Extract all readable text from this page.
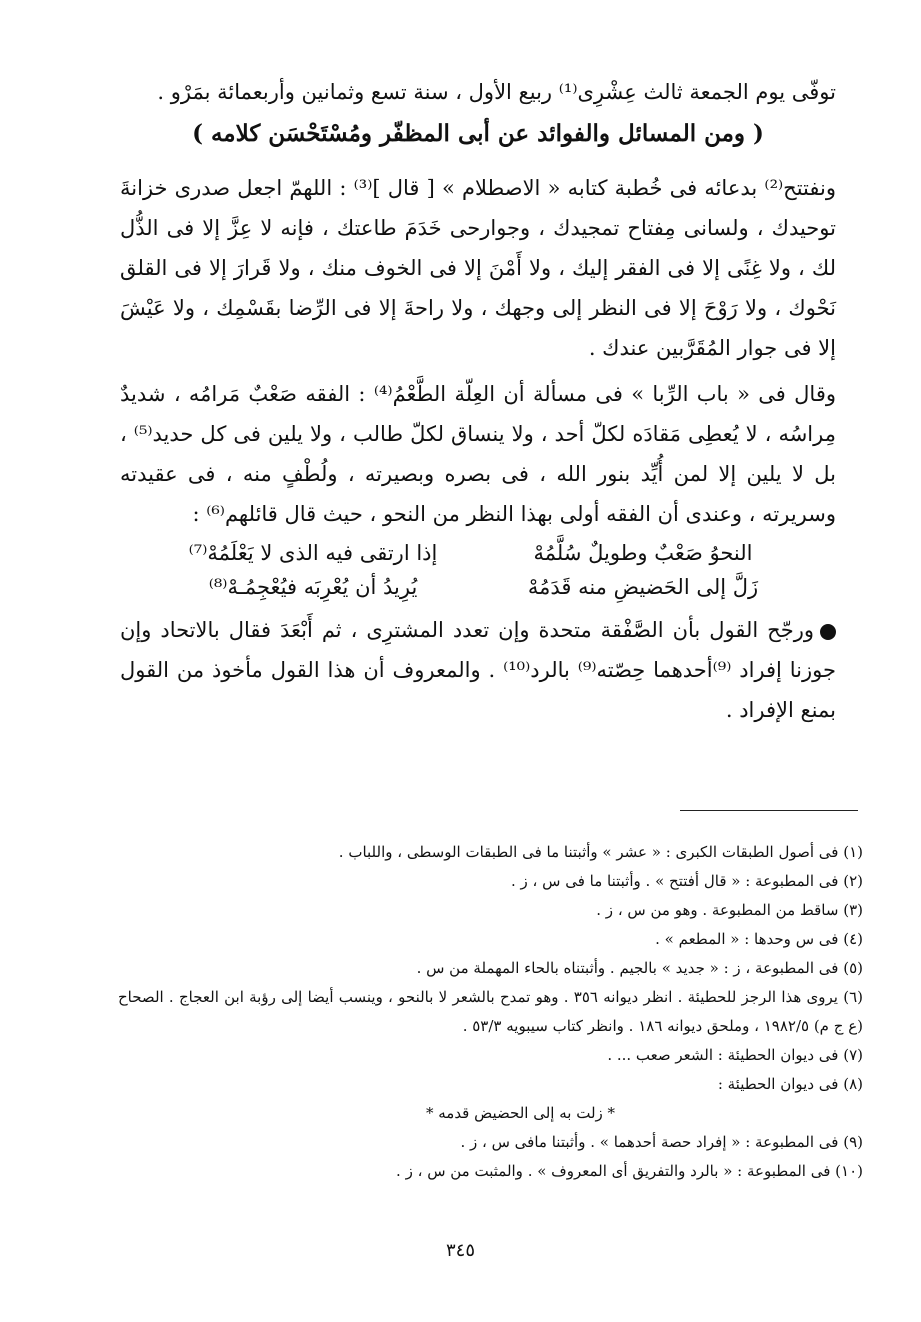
توفّى يوم الجمعة ثالث عِشْرِى⁽¹⁾ ربيع الأول ، سنة تسع وثمانين وأربعمائة بمَرْو .

( ومن المسائل والفوائد عن أبى المظفّر ومُسْتَحْسَن كلامه )

ونفتتح⁽²⁾ بدعائه فى خُطبة كتابه « الاصطلام » [ قال ]⁽³⁾ : اللهمّ اجعل صدرى خزانةَ توحيدك ، ولسانى مِفتاح تمجيدك ، وجوارحى خَدَمَ طاعتك ، فإنه لا عِزَّ إلا فى الذُّل لك ، ولا غِنًى إلا فى الفقر إليك ، ولا أَمْنَ إلا فى الخوف منك ، ولا قَرارَ إلا فى القلق نَحْوك ، ولا رَوْحَ إلا فى النظر إلى وجهك ، ولا راحةَ إلا فى الرِّضا بقَسْمِك ، ولا عَيْشَ إلا فى جوار المُقَرَّبين عندك .

وقال فى « باب الرِّبا » فى مسألة أن العِلّة الطَّعْمُ⁽⁴⁾ : الفقه صَعْبٌ مَرامُه ، شديدٌ مِراسُه ، لا يُعطِى مَقادَه لكلّ أحد ، ولا ينساق لكلّ طالب ، ولا يلين فى كل حديد⁽⁵⁾ ، بل لا يلين إلا لمن أُيِّد بنور الله ، فى بصره وبصيرته ، ولُطْفٍ منه ، فى عقيدته وسريرته ، وعندى أن الفقه أولى بهذا النظر من النحو ، حيث قال قائلهم⁽⁶⁾ :

النحوُ صَعْبٌ وطويلٌ سُلَّمُهْ
إذا ارتقى فيه الذى لا يَعْلَمُهْ⁽⁷⁾
زَلَّ إلى الحَضيضِ منه قَدَمُهْ
يُرِيدُ أن يُعْرِبَه فيُعْجِمُـهْ⁽⁸⁾

ورجّح القول بأن الصَّفْقة متحدة وإن تعدد المشترِى ، ثم أَبْعَدَ فقال بالاتحاد وإن جوزنا إفراد ⁽⁹⁾أحدهما حِصّته⁽⁹⁾ بالرد⁽¹⁰⁾ . والمعروف أن هذا القول مأخوذ من القول بمنع الإفراد .

(١) فى أصول الطبقات الكبرى : « عشر » وأثبتنا ما فى الطبقات الوسطى ، واللباب .

(٢) فى المطبوعة : « قال أفتتح » . وأثبتنا ما فى س ، ز .

(٣) ساقط من المطبوعة . وهو من س ، ز .

(٤) فى س وحدها : « المطعم » .

(٥) فى المطبوعة ، ز : « جديد » بالجيم . وأثبتناه بالحاء المهملة من س .

(٦) يروى هذا الرجز للحطيئة . انظر ديوانه ٣٥٦ . وهو تمدح بالشعر لا بالنحو ، وينسب أيضا إلى رؤبة ابن العجاج . الصحاح (ع ج م) ١٩٨٢/٥ ، وملحق ديوانه ١٨٦ . وانظر كتاب سيبويه ٥٣/٣ .

(٧) فى ديوان الحطيئة : الشعر صعب ... .

(٨) فى ديوان الحطيئة :

* زلت به إلى الحضيض قدمه *

(٩) فى المطبوعة : « إفراد حصة أحدهما » . وأثبتنا مافى س ، ز .

(١٠) فى المطبوعة : « بالرد والتفريق أى المعروف » . والمثبت من س ، ز .

٣٤٥
